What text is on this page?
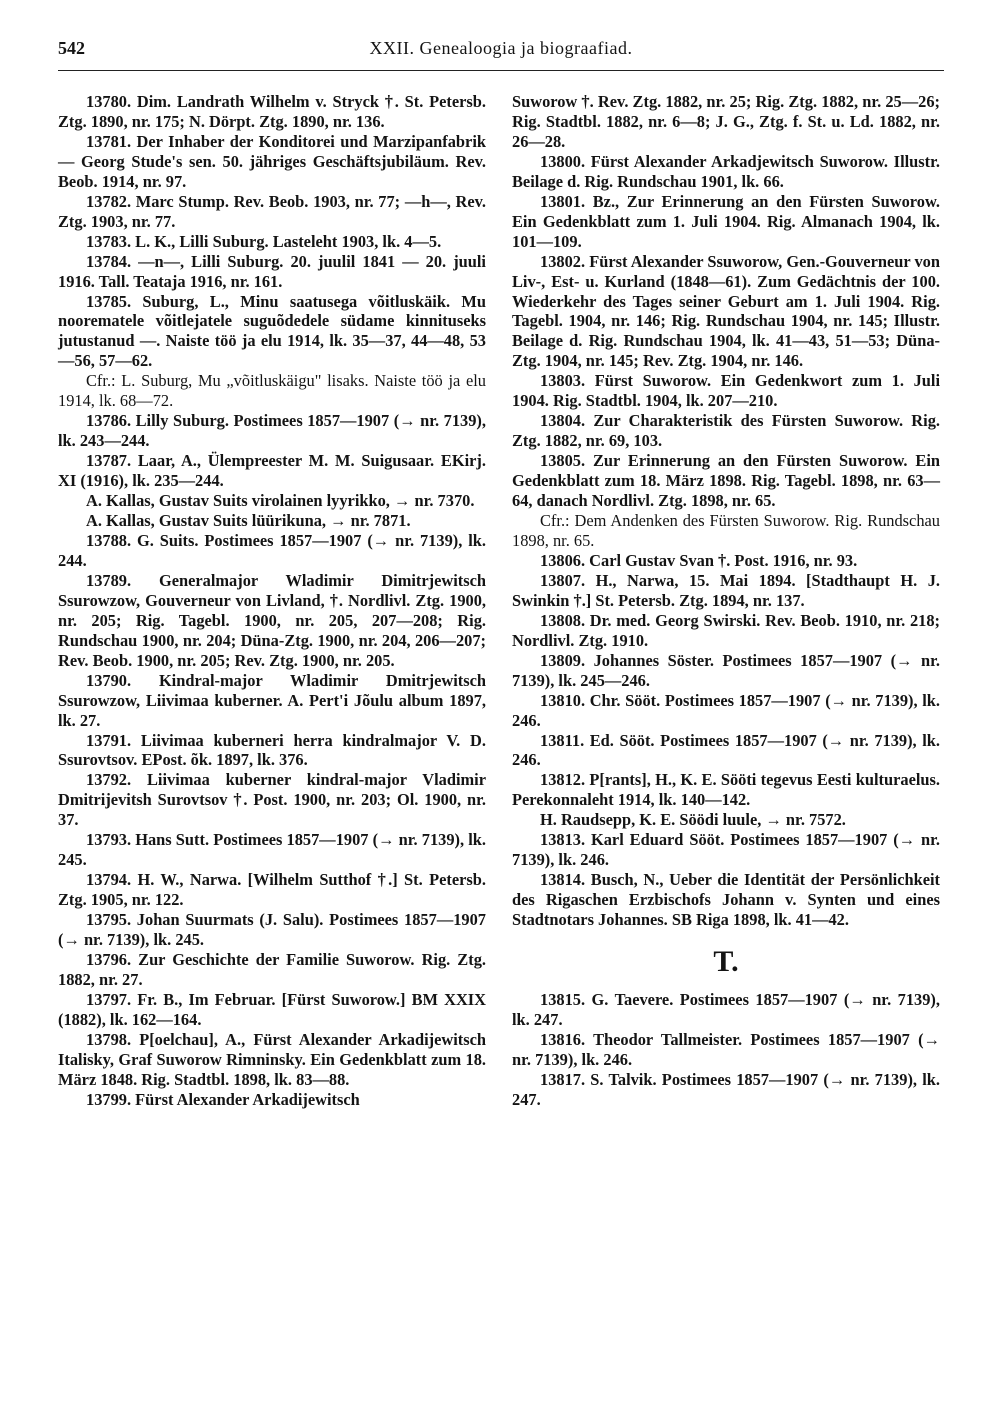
542	XXII. Genealoogia ja biograafiad.

13780. Dim. Landrath Wilhelm v. Stryck †. St. Petersb. Ztg. 1890, nr. 175; N. Dörpt. Ztg. 1890, nr. 136.

13781. Der Inhaber der Konditorei und Marzipanfabrik — Georg Stude's sen. 50. jähriges Geschäftsjubiläum. Rev. Beob. 1914, nr. 97.

13782. Marc Stump. Rev. Beob. 1903, nr. 77; —h—, Rev. Ztg. 1903, nr. 77.

13783. L. K., Lilli Suburg. Lasteleht 1903, lk. 4—5.

13784. —n—, Lilli Suburg. 20. juulil 1841 — 20. juuli 1916. Tall. Teataja 1916, nr. 161.

13785. Suburg, L., Minu saatusega võitluskäik. Mu noorematele võitlejatele suguõdedele südame kinnituseks jutustanud —. Naiste töö ja elu 1914, lk. 35—37, 44—48, 53—56, 57—62.

Cfr.: L. Suburg, Mu „võitluskäigu" lisaks. Naiste töö ja elu 1914, lk. 68—72.

13786. Lilly Suburg. Postimees 1857—1907 (→ nr. 7139), lk. 243—244.

13787. Laar, A., Ülempreester M. M. Suigusaar. EKirj. XI (1916), lk. 235—244.

A. Kallas, Gustav Suits virolainen lyyrikko, → nr. 7370.

A. Kallas, Gustav Suits lüürikuna, → nr. 7871.

13788. G. Suits. Postimees 1857—1907 (→ nr. 7139), lk. 244.

13789. Generalmajor Wladimir Dimitrjewitsch Ssurowzow, Gouverneur von Livland, †. Nordlivl. Ztg. 1900, nr. 205; Rig. Tagebl. 1900, nr. 205, 207—208; Rig. Rundschau 1900, nr. 204; Düna-Ztg. 1900, nr. 204, 206—207; Rev. Beob. 1900, nr. 205; Rev. Ztg. 1900, nr. 205.

13790. Kindral-major Wladimir Dmitrjewitsch Ssurowzow, Liivimaa kuberner. A. Pert'i Jõulu album 1897, lk. 27.

13791. Liivimaa kuberneri herra kindralmajor V. D. Ssurovtsov. EPost. õk. 1897, lk. 376.

13792. Liivimaa kuberner kindral-major Vladimir Dmitrijevitsh Surovtsov †. Post. 1900, nr. 203; Ol. 1900, nr. 37.

13793. Hans Sutt. Postimees 1857—1907 (→ nr. 7139), lk. 245.

13794. H. W., Narwa. [Wilhelm Sutthof †.] St. Petersb. Ztg. 1905, nr. 122.

13795. Johan Suurmats (J. Salu). Postimees 1857—1907 (→ nr. 7139), lk. 245.

13796. Zur Geschichte der Familie Suworow. Rig. Ztg. 1882, nr. 27.

13797. Fr. B., Im Februar. [Fürst Suworow.] BM XXIX (1882), lk. 162—164.

13798. P[oelchau], A., Fürst Alexander Arkadijewitsch Italisky, Graf Suworow Rimninsky. Ein Gedenkblatt zum 18. März 1848. Rig. Stadtbl. 1898, lk. 83—88.

13799. Fürst Alexander Arkadijewitsch

Suworow †. Rev. Ztg. 1882, nr. 25; Rig. Ztg. 1882, nr. 25—26; Rig. Stadtbl. 1882, nr. 6—8; J. G., Ztg. f. St. u. Ld. 1882, nr. 26—28.

13800. Fürst Alexander Arkadjewitsch Suworow. Illustr. Beilage d. Rig. Rundschau 1901, lk. 66.

13801. Bz., Zur Erinnerung an den Fürsten Suworow. Ein Gedenkblatt zum 1. Juli 1904. Rig. Almanach 1904, lk. 101—109.

13802. Fürst Alexander Ssuworow, Gen.-Gouverneur von Liv-, Est- u. Kurland (1848—61). Zum Gedächtnis der 100. Wiederkehr des Tages seiner Geburt am 1. Juli 1904. Rig. Tagebl. 1904, nr. 146; Rig. Rundschau 1904, nr. 145; Illustr. Beilage d. Rig. Rundschau 1904, lk. 41—43, 51—53; Düna-Ztg. 1904, nr. 145; Rev. Ztg. 1904, nr. 146.

13803. Fürst Suworow. Ein Gedenkwort zum 1. Juli 1904. Rig. Stadtbl. 1904, lk. 207—210.

13804. Zur Charakteristik des Fürsten Suworow. Rig. Ztg. 1882, nr. 69, 103.

13805. Zur Erinnerung an den Fürsten Suworow. Ein Gedenkblatt zum 18. März 1898. Rig. Tagebl. 1898, nr. 63—64, danach Nordlivl. Ztg. 1898, nr. 65.

Cfr.: Dem Andenken des Fürsten Suworow. Rig. Rundschau 1898, nr. 65.

13806. Carl Gustav Svan †. Post. 1916, nr. 93.

13807. H., Narwa, 15. Mai 1894. [Stadthaupt H. J. Swinkin †.] St. Petersb. Ztg. 1894, nr. 137.

13808. Dr. med. Georg Swirski. Rev. Beob. 1910, nr. 218; Nordlivl. Ztg. 1910.

13809. Johannes Söster. Postimees 1857—1907 (→ nr. 7139), lk. 245—246.

13810. Chr. Sööt. Postimees 1857—1907 (→ nr. 7139), lk. 246.

13811. Ed. Sööt. Postimees 1857—1907 (→ nr. 7139), lk. 246.

13812. P[rants], H., K. E. Sööti tegevus Eesti kulturaelus. Perekonnaleht 1914, lk. 140—142.

H. Raudsepp, K. E. Söödi luule, → nr. 7572.

13813. Karl Eduard Sööt. Postimees 1857—1907 (→ nr. 7139), lk. 246.

13814. Busch, N., Ueber die Identität der Persönlichkeit des Rigaschen Erzbischofs Johann v. Synten und eines Stadtnotars Johannes. SB Riga 1898, lk. 41—42.

T.

13815. G. Taevere. Postimees 1857—1907 (→ nr. 7139), lk. 247.

13816. Theodor Tallmeister. Postimees 1857—1907 (→ nr. 7139), lk. 246.

13817. S. Talvik. Postimees 1857—1907 (→ nr. 7139), lk. 247.
